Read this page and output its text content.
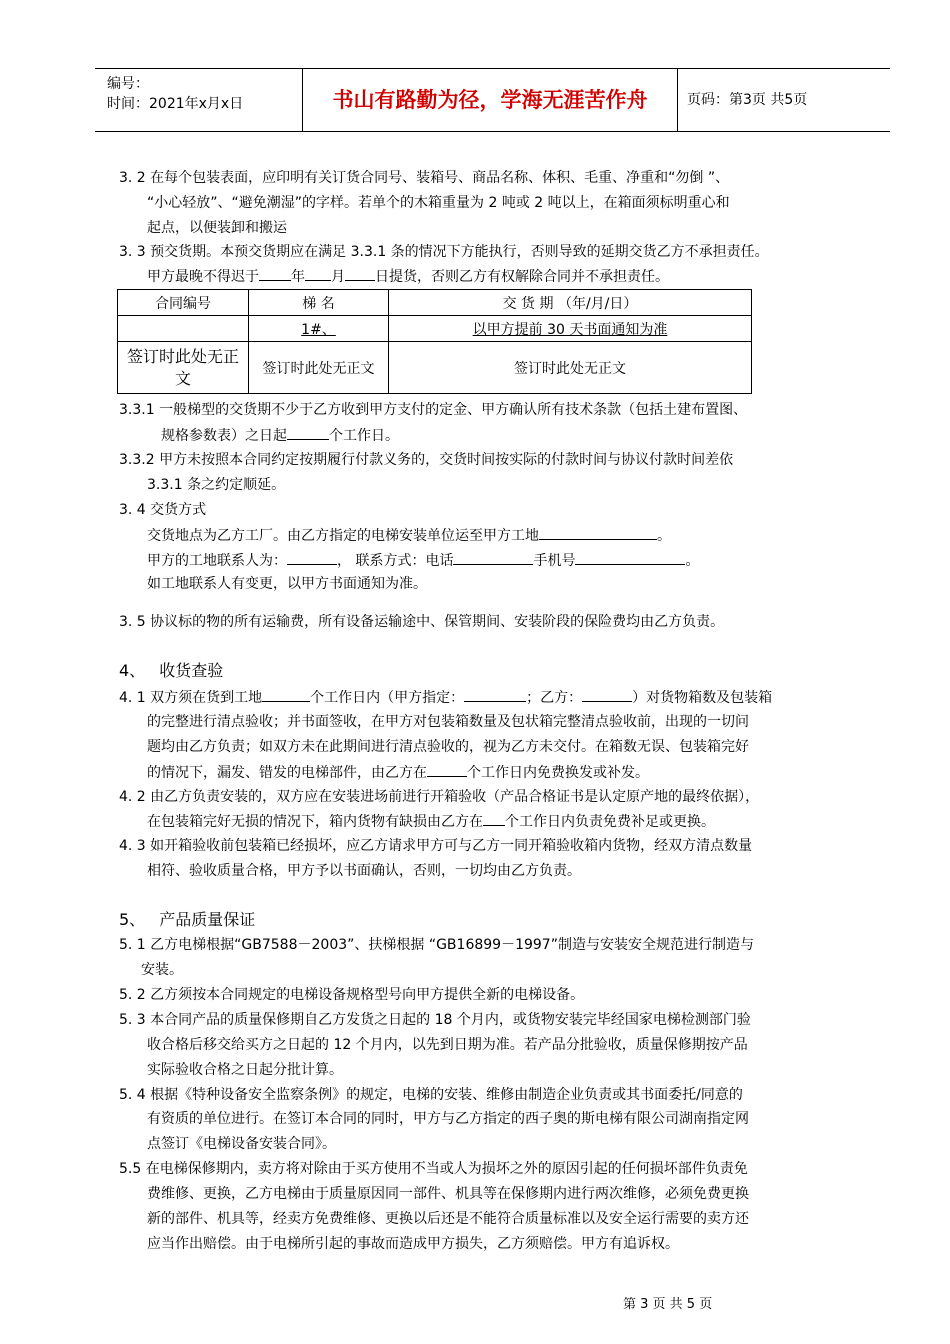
编号：
时间：2021年x月x日	书山有路勤为径，学海无涯苦作舟	页码：第3页 共5页
3. 2 在每个包装表面，应印明有关订货合同号、装箱号、商品名称、体积、毛重、净重和“勿倒 ”、
“小心轻放”、“避免潮湿”的字样。若单个的木箱重量为 2 吨或 2 吨以上，在箱面须标明重心和
起点，以便装卸和搬运
3. 3 预交货期。本预交货期应在满足 3.3.1 条的情况下方能执行，否则导致的延期交货乙方不承担责任。
甲方最晚不得迟于 年 月 日提货，否则乙方有权解除合同并不承担责任。
合同编号	梯 名	交 货 期 （年/月/日）
	1#、	以甲方提前 30 天书面通知为准
签订时此处无正文	签订时此处无正文	签订时此处无正文
3.3.1 一般梯型的交货期不少于乙方收到甲方支付的定金、甲方确认所有技术条款（包括土建布置图、
规格参数表）之日起	个工作日。
3.3.2 甲方未按照本合同约定按期履行付款义务的，交货时间按实际的付款时间与协议付款时间差依
3.3.1 条之约定顺延。
3. 4 交货方式
交货地点为乙方工厂。由乙方指定的电梯安装单位运至甲方工地	。
甲方的工地联系人为：	， 联系方式：电话	手机号	。
如工地联系人有变更，以甲方书面通知为准。
3. 5 协议标的物的所有运输费，所有设备运输途中、保管期间、安装阶段的保险费均由乙方负责。
4、 收货查验
4. 1 双方须在货到工地	个工作日内（甲方指定：	；乙方：	）对货物箱数及包装箱
的完整进行清点验收；并书面签收，在甲方对包装箱数量及包状箱完整清点验收前，出现的一切问
题均由乙方负责；如双方未在此期间进行清点验收的，视为乙方未交付。在箱数无误、包装箱完好
的情况下，漏发、错发的电梯部件，由乙方在	个工作日内免费换发或补发。
4. 2 由乙方负责安装的，双方应在安装进场前进行开箱验收（产品合格证书是认定原产地的最终依据），
在包装箱完好无损的情况下，箱内货物有缺损由乙方在 个工作日内负责免费补足或更换。
4. 3 如开箱验收前包装箱已经损坏，应乙方请求甲方可与乙方一同开箱验收箱内货物，经双方清点数量
相符、验收质量合格，甲方予以书面确认，否则，一切均由乙方负责。
5、 产品质量保证
5. 1 乙方电梯根据“GB7588－2003”、扶梯根据 “GB16899－1997”制造与安装安全规范进行制造与
安装。
5. 2 乙方须按本合同规定的电梯设备规格型号向甲方提供全新的电梯设备。
5. 3 本合同产品的质量保修期自乙方发货之日起的 18 个月内，或货物安装完毕经国家电梯检测部门验
收合格后移交给买方之日起的 12 个月内，以先到日期为准。若产品分批验收，质量保修期按产品
实际验收合格之日起分批计算。
5. 4 根据《特种设备安全监察条例》的规定，电梯的安装、维修由制造企业负责或其书面委托/同意的
有资质的单位进行。在签订本合同的同时，甲方与乙方指定的西子奥的斯电梯有限公司湖南指定网
点签订《电梯设备安装合同》。
5.5 在电梯保修期内，卖方将对除由于买方使用不当或人为损坏之外的原因引起的任何损坏部件负责免
费维修、更换，乙方电梯由于质量原因同一部件、机具等在保修期内进行两次维修，必须免费更换
新的部件、机具等，经卖方免费维修、更换以后还是不能符合质量标准以及安全运行需要的卖方还
应当作出赔偿。由于电梯所引起的事故而造成甲方损失，乙方须赔偿。甲方有追诉权。
第 3 页 共 5 页
